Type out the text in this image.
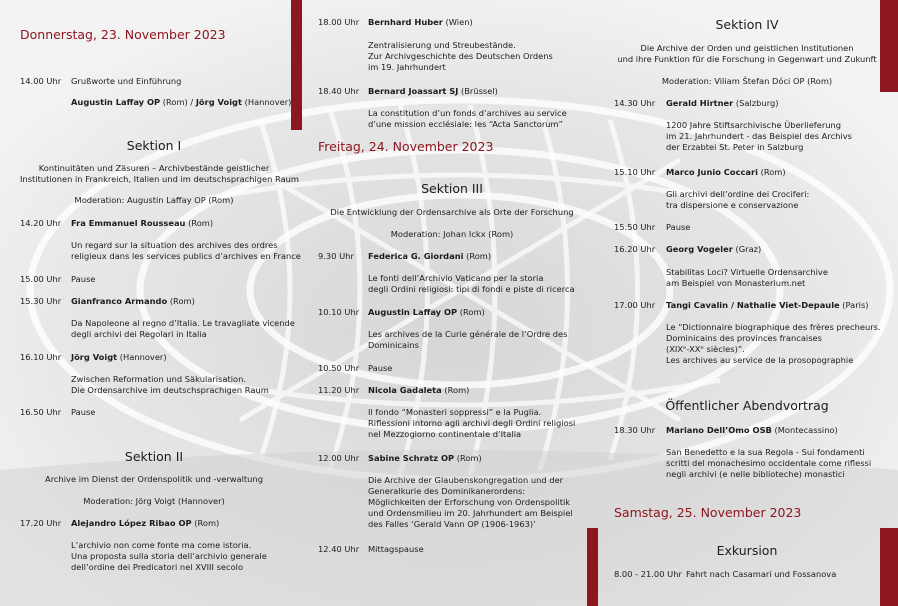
Donnerstag, 23. November 2023
14.00 Uhr Grußworte und Einführung
Augustin Laffay OP (Rom) / Jörg Voigt (Hannover)
Sektion I
Kontinuitäten und Zäsuren – Archivbestände geistlicher
Institutionen in Frankreich, Italien und im deutschsprachigen Raum
Moderation: Augustin Laffay OP (Rom)
14.20 Uhr Fra Emmanuel Rousseau (Rom)
Un regard sur la situation des archives des ordres
religieux dans les services publics d’archives en France
15.00 Uhr Pause
15.30 Uhr Gianfranco Armando (Rom)
Da Napoleone al regno d’Italia. Le travagliate vicende
degli archivi dei Regolari in Italia
16.10 Uhr Jörg Voigt (Hannover)
Zwischen Reformation und Säkularisation.
Die Ordensarchive im deutschsprachigen Raum
16.50 Uhr Pause
Sektion II
Archive im Dienst der Ordenspolitik und -verwaltung
Moderation: Jörg Voigt (Hannover)
17.20 Uhr Alejandro López Ribao OP (Rom)
L’archivio non come fonte ma come istoria.
Una proposta sulla storia dell’archivio generale
dell’ordine dei Predicatori nel XVIII secolo
18.00 Uhr Bernhard Huber (Wien)
Zentralisierung und Streubestände.
Zur Archivgeschichte des Deutschen Ordens
im 19. Jahrhundert
18.40 Uhr Bernard Joassart SJ (Brüssel)
La constitution d’un fonds d’archives au service
d’une mission ecclésiale: les “Acta Sanctorum”
Freitag, 24. November 2023
Sektion III
Die Entwicklung der Ordensarchive als Orte der Forschung
Moderation: Johan Ickx (Rom)
9.30 Uhr Federica G. Giordani (Rom)
Le fonti dell’Archivio Vaticano per la storia
degli Ordini religiosi: tipi di fondi e piste di ricerca
10.10 Uhr Augustin Laffay OP (Rom)
Les archives de la Curie générale de l’Ordre des
Dominicains
10.50 Uhr Pause
11.20 Uhr Nicola Gadaleta (Rom)
Il fondo “Monasteri soppressi” e la Puglia.
Riflessioni intorno agli archivi degli Ordini religiosi
nel Mezzogiorno continentale d’Italia
12.00 Uhr Sabine Schratz OP (Rom)
Die Archive der Glaubenskongregation und der
Generalkurie des Dominikanerordens:
Möglichkeiten der Erforschung von Ordenspolitik
und Ordensmilieu im 20. Jahrhundert am Beispiel
des Falles ‘Gerald Vann OP (1906-1963)’
12.40 Uhr Mittagspause
Sektion IV
Die Archive der Orden und geistlichen Institutionen
und ihre Funktion für die Forschung in Gegenwart und Zukunft
Moderation: Viliam Štefan Dóci OP (Rom)
14.30 Uhr Gerald Hirtner (Salzburg)
1200 Jahre Stiftsarchivische Überlieferung
im 21. Jahrhundert - das Beispiel des Archivs
der Erzabtei St. Peter in Salzburg
15.10 Uhr Marco Junio Coccari (Rom)
Gli archivi dell’ordine dei Crociferi:
tra dispersione e conservazione
15.50 Uhr Pause
16.20 Uhr Georg Vogeler (Graz)
Stabilitas Loci? Virtuelle Ordensarchive
am Beispiel von Monasterium.net
17.00 Uhr Tangi Cavalin / Nathalie Viet-Depaule (Paris)
Le “Dictionnaire biographique des frères precheurs.
Dominicains des provinces francaises
(XIXᵉ-XXᵉ siècles)”.
Les archives au service de la prosopographie
Öffentlicher Abendvortrag
18.30 Uhr Mariano Dell’Omo OSB (Montecassino)
San Benedetto e la sua Regola - Sui fondamenti
scritti del monachesimo occidentale come riflessi
negli archivi (e nelle biblioteche) monastici
Samstag, 25. November 2023
Exkursion
8.00 - 21.00 Uhr Fahrt nach Casamari und Fossanova
